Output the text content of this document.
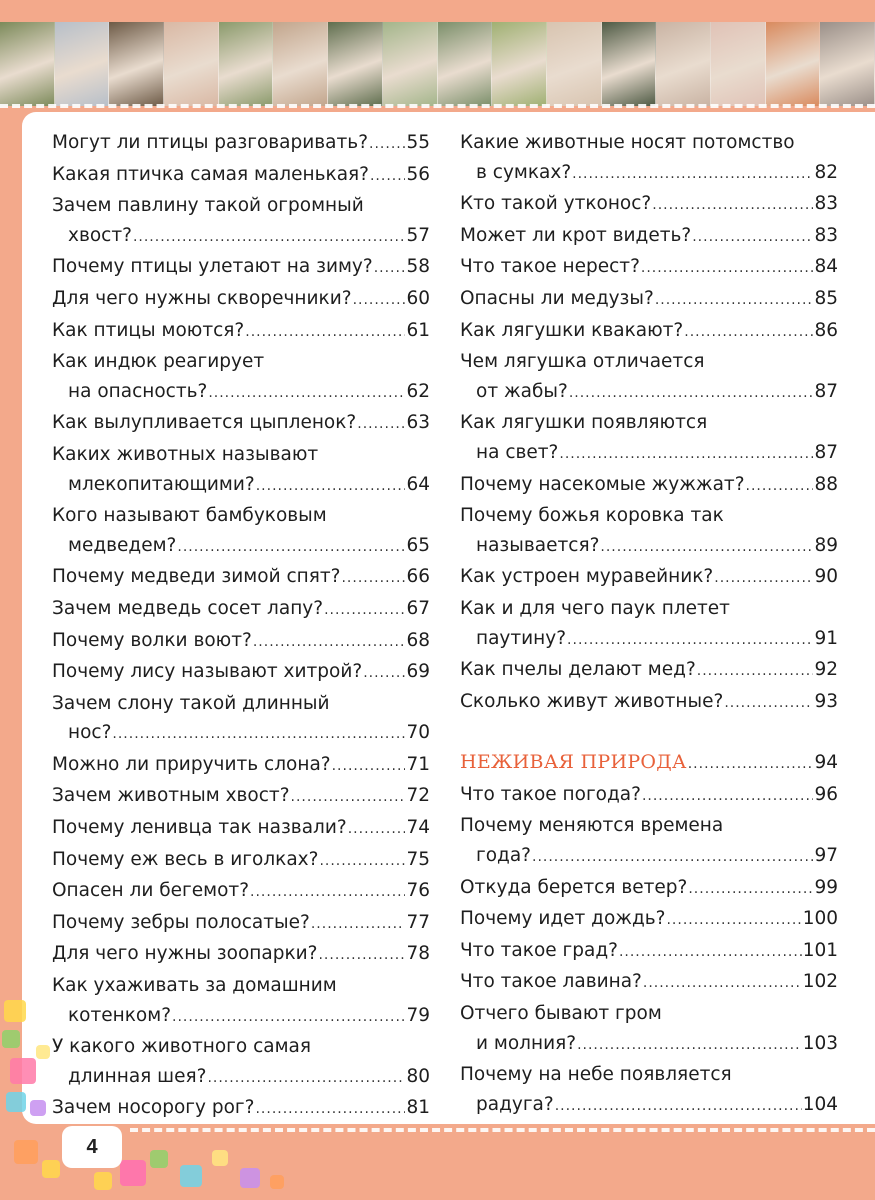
Могут ли птицы разговаривать? ..... 55
Какая птичка самая маленькая? ..... 56
Зачем павлину такой огромный
хвост? .....	57
Почему птицы улетают на зиму? ..... 58
Для чего нужны скворечники? .....	60
Как птицы моются? .....	61
Как индюк реагирует
на опасность? .....	62
Как вылупливается цыпленок? .....	63
Каких животных называют
млекопитающими? .....	64
Кого называют бамбуковым
медведем? .....	65
Почему медведи зимой спят? .....	66
Зачем медведь сосет лапу? .....	67
Почему волки воют? .....	68
Почему лису называют хитрой? ..... 69
Зачем слону такой длинный
нос? .....	70
Можно ли приручить слона? .....	71
Зачем животным хвост? .....	72
Почему ленивца так назвали? .....	74
Почему еж весь в иголках? .....	75
Опасен ли бегемот? .....	76
Почему зебры полосатые? .....	77
Для чего нужны зоопарки? .....	78
Как ухаживать за домашним
котенком? .....	79
У какого животного самая
длинная шея? .....	80
Зачем носорогу рог? .....	81
Какие животные носят потомство
в сумках? .....	82
Кто такой утконос? .....	83
Может ли крот видеть? .....	83
Что такое нерест? .....	84
Опасны ли медузы? .....	85
Как лягушки квакают? .....	86
Чем лягушка отличается
от жабы? .....	87
Как лягушки появляются
на свет? .....	87
Почему насекомые жужжат? .....	88
Почему божья коровка так
называется? .....	89
Как устроен муравейник? .....	90
Как и для чего паук плетет
паутину? .....	91
Как пчелы делают мед? .....	92
Сколько живут животные? .....	93
НЕЖИВАЯ ПРИРОДА .....	94
Что такое погода? .....	96
Почему меняются времена
года? .....	97
Откуда берется ветер? .....	99
Почему идет дождь? .....	100
Что такое град? .....	101
Что такое лавина? .....	102
Отчего бывают гром
и молния? .....	103
Почему на небе появляется
радуга? .....	104
4
